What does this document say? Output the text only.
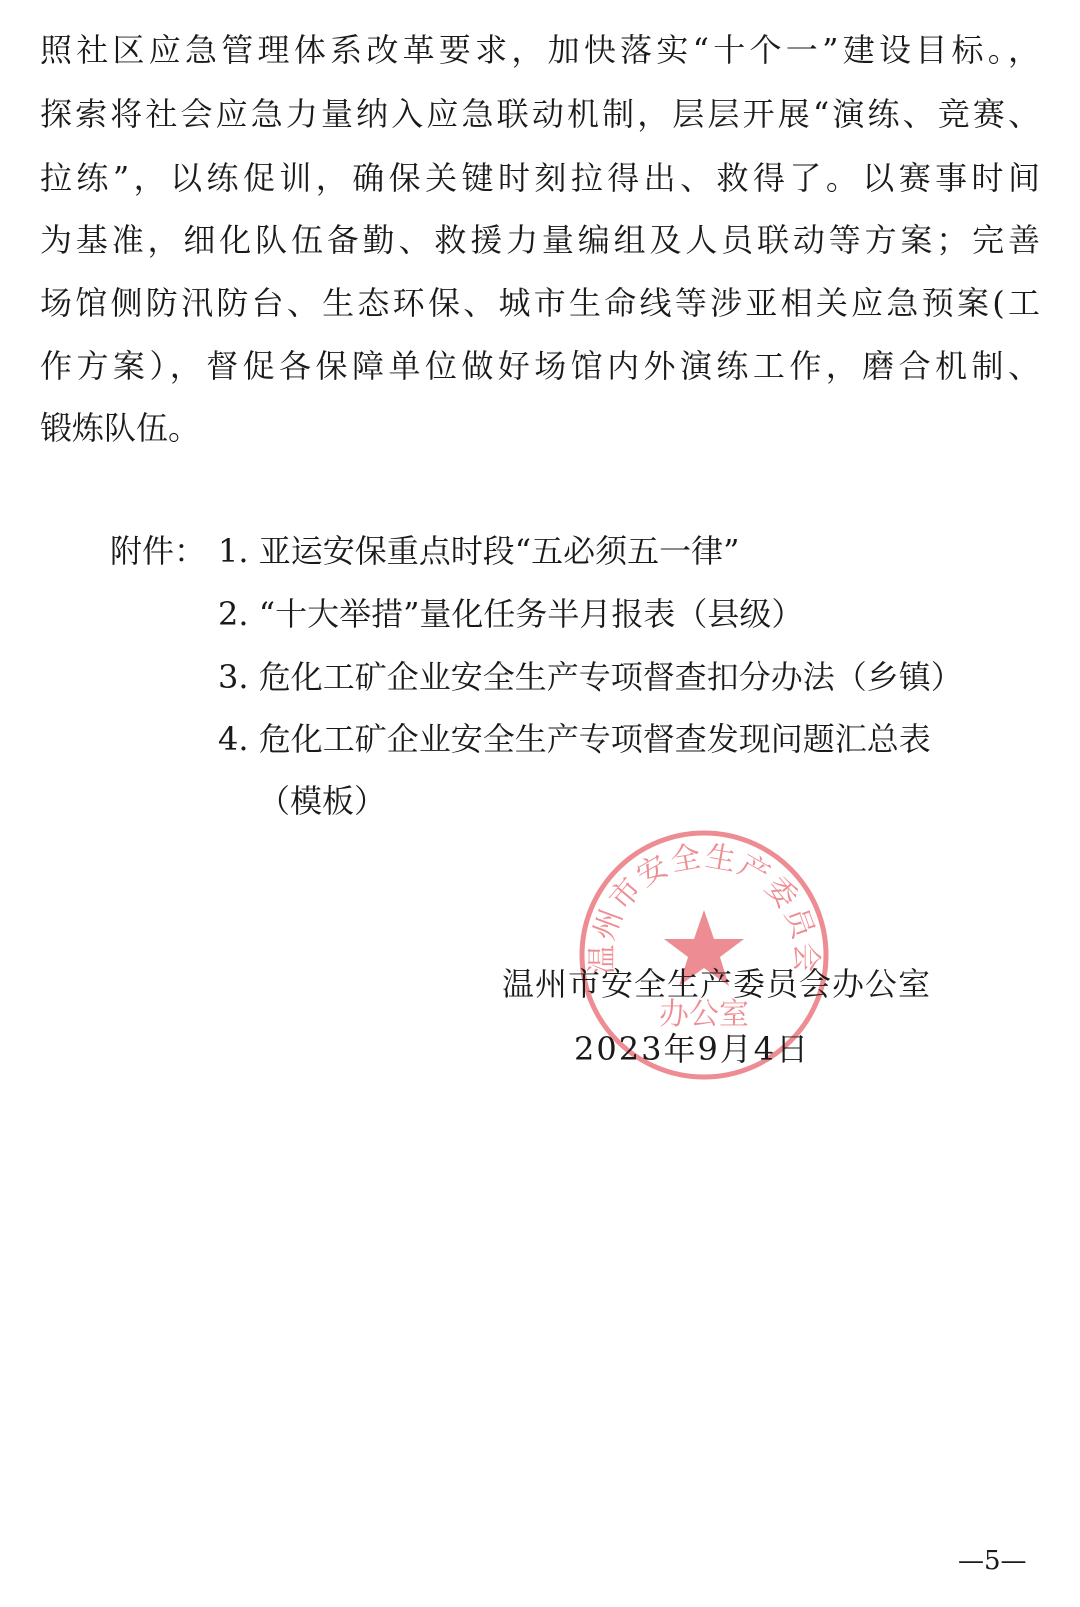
照社区应急管理体系改革要求，加快落实“十个一”建设目标。，
探索将社会应急力量纳入应急联动机制，层层开展“演练、竞赛、
拉练”，以练促训，确保关键时刻拉得出、救得了。以赛事时间
为基准，细化队伍备勤、救援力量编组及人员联动等方案；完善
场馆侧防汛防台、生态环保、城市生命线等涉亚相关应急预案(工
作方案），督促各保障单位做好场馆内外演练工作，磨合机制、
锻炼队伍。
附件： 1. 亚运安保重点时段“五必须五一律”
2. “十大举措”量化任务半月报表（县级）
3. 危化工矿企业安全生产专项督查扣分办法（乡镇）
4. 危化工矿企业安全生产专项督查发现问题汇总表
（模板）
温州市安全生产委员会
办公室
温州市安全生产委员会办公室
2023年9月4日
—5—
